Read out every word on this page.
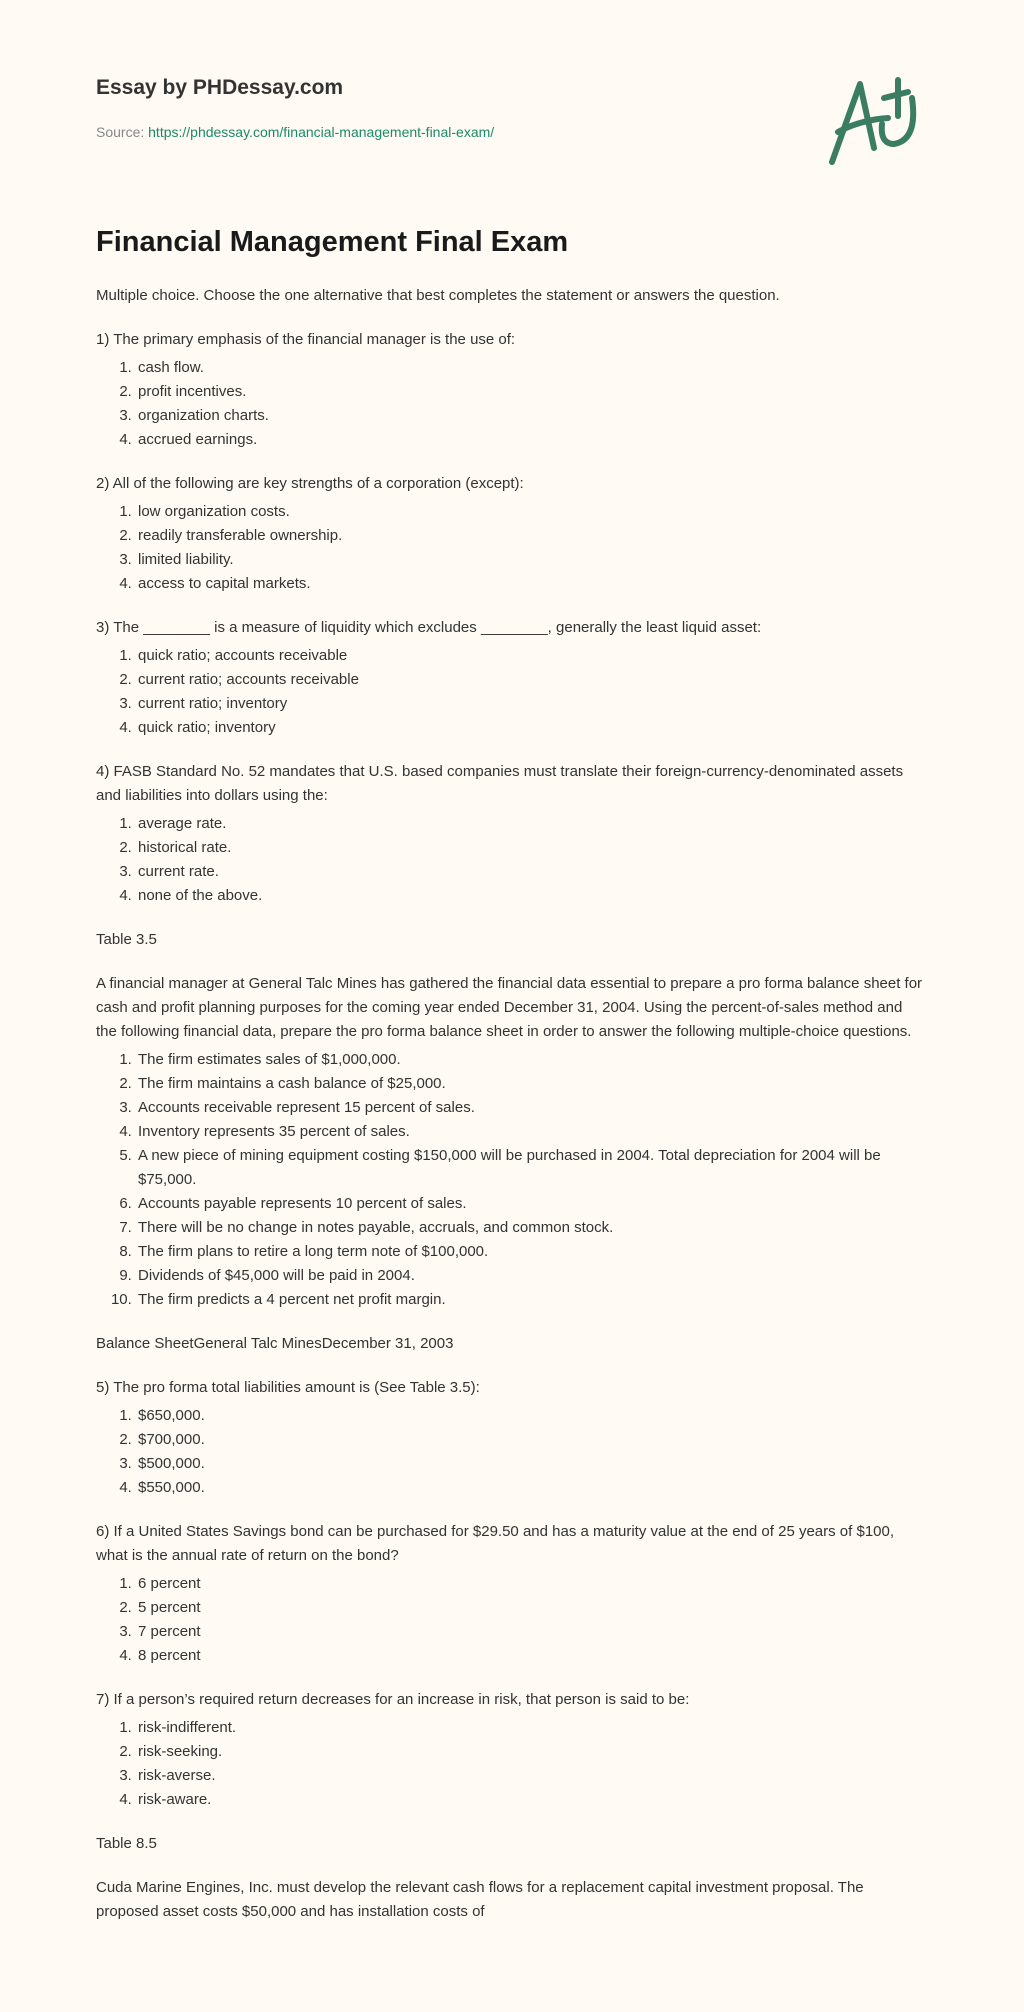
Essay by PHDessay.com
Source: https://phdessay.com/financial-management-final-exam/
Financial Management Final Exam

Multiple choice. Choose the one alternative that best completes the statement or answers the question.

1) The primary emphasis of the financial manager is the use of:

1. cash flow.
2. profit incentives.
3. organization charts.
4. accrued earnings.

2) All of the following are key strengths of a corporation (except):

1. low organization costs.
2. readily transferable ownership.
3. limited liability.
4. access to capital markets.

3) The ________ is a measure of liquidity which excludes ________, generally the least liquid asset:

1. quick ratio; accounts receivable
2. current ratio; accounts receivable
3. current ratio; inventory
4. quick ratio; inventory

4) FASB Standard No. 52 mandates that U.S. based companies must translate their foreign-currency-denominated assets and liabilities into dollars using the:

1. average rate.
2. historical rate.
3. current rate.
4. none of the above.

Table 3.5

A financial manager at General Talc Mines has gathered the financial data essential to prepare a pro forma balance sheet for cash and profit planning purposes for the coming year ended December 31, 2004. Using the percent-of-sales method and the following financial data, prepare the pro forma balance sheet in order to answer the following multiple-choice questions.

1. The firm estimates sales of $1,000,000.
2. The firm maintains a cash balance of $25,000.
3. Accounts receivable represent 15 percent of sales.
4. Inventory represents 35 percent of sales.
5. A new piece of mining equipment costing $150,000 will be purchased in 2004. Total depreciation for 2004 will be $75,000.
6. Accounts payable represents 10 percent of sales.
7. There will be no change in notes payable, accruals, and common stock.
8. The firm plans to retire a long term note of $100,000.
9. Dividends of $45,000 will be paid in 2004.
10. The firm predicts a 4 percent net profit margin.

Balance SheetGeneral Talc MinesDecember 31, 2003

5) The pro forma total liabilities amount is (See Table 3.5):

1. $650,000.
2. $700,000.
3. $500,000.
4. $550,000.

6) If a United States Savings bond can be purchased for $29.50 and has a maturity value at the end of 25 years of $100, what is the annual rate of return on the bond?

1. 6 percent
2. 5 percent
3. 7 percent
4. 8 percent

7) If a person’s required return decreases for an increase in risk, that person is said to be:

1. risk-indifferent.
2. risk-seeking.
3. risk-averse.
4. risk-aware.

Table 8.5

Cuda Marine Engines, Inc. must develop the relevant cash flows for a replacement capital investment proposal. The proposed asset costs $50,000 and has installation costs of
